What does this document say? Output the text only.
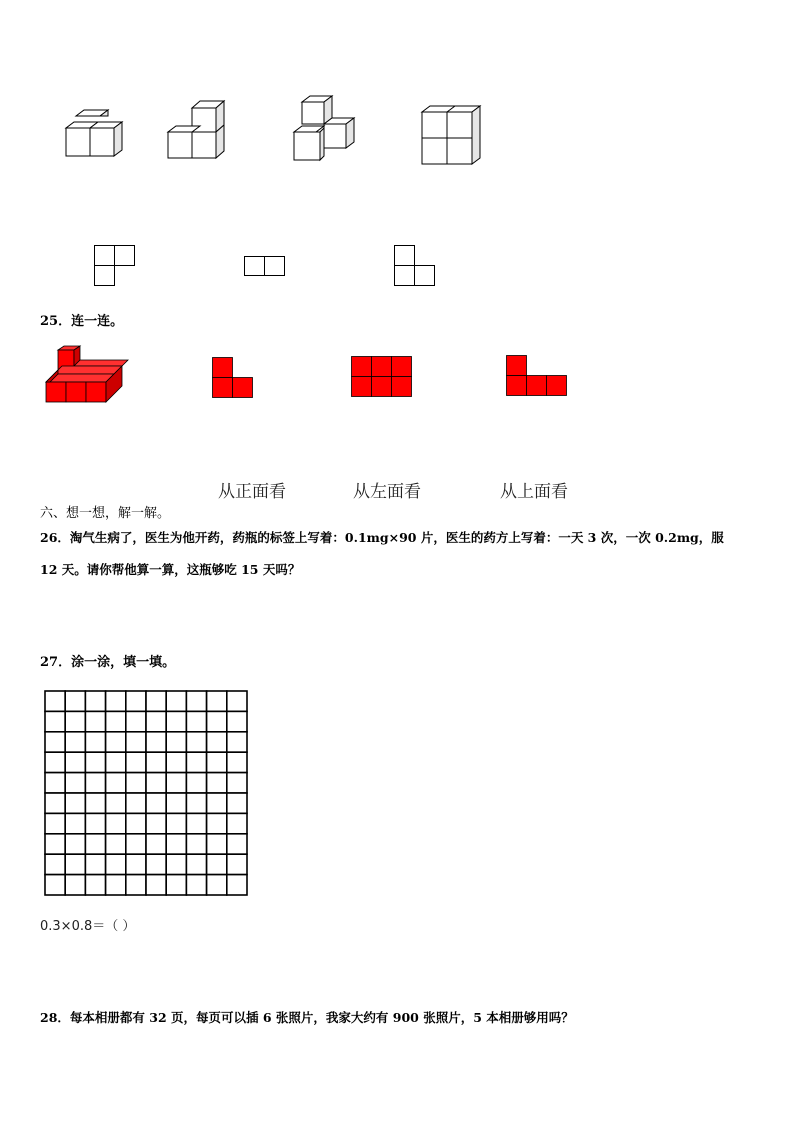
25．连一连。
从正面看	从左面看	从上面看
六、想一想，解一解。
26．淘气生病了，医生为他开药，药瓶的标签上写着：0.1mg×90 片，医生的药方上写着：一天 3 次，一次 0.2mg，服
12 天。请你帮他算一算，这瓶够吃 15 天吗？
27．涂一涂，填一填。
0.3×0.8＝（ ）
28．每本相册都有 32 页，每页可以插 6 张照片，我家大约有 900 张照片，5 本相册够用吗？
